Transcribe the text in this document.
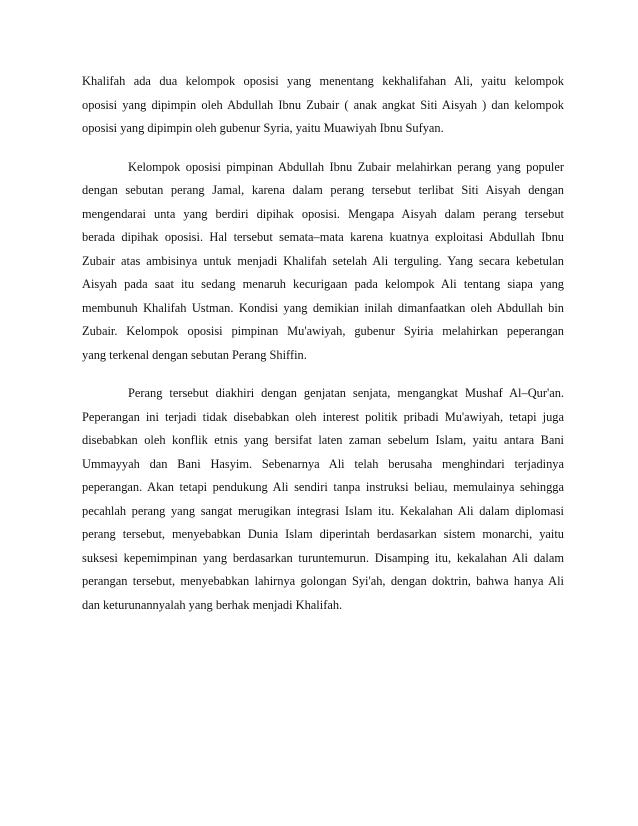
Khalifah ada dua kelompok oposisi yang menentang kekhalifahan Ali, yaitu kelompok
oposisi yang dipimpin oleh Abdullah Ibnu Zubair ( anak angkat Siti Aisyah ) dan kelompok
oposisi yang dipimpin oleh gubenur Syria, yaitu Muawiyah Ibnu Sufyan.

Kelompok oposisi pimpinan Abdullah Ibnu Zubair melahirkan perang yang populer
dengan sebutan perang Jamal, karena dalam perang tersebut terlibat Siti Aisyah dengan
mengendarai unta yang berdiri dipihak oposisi. Mengapa Aisyah dalam perang tersebut
berada dipihak oposisi. Hal tersebut semata–mata karena kuatnya exploitasi Abdullah Ibnu
Zubair atas ambisinya untuk menjadi Khalifah setelah Ali terguling. Yang secara kebetulan
Aisyah pada saat itu sedang menaruh kecurigaan pada kelompok Ali tentang siapa yang
membunuh Khalifah Ustman. Kondisi yang demikian inilah dimanfaatkan oleh Abdullah bin
Zubair. Kelompok oposisi pimpinan Mu'awiyah, gubenur Syiria melahirkan peperangan
yang terkenal dengan sebutan Perang Shiffin.

Perang tersebut diakhiri dengan genjatan senjata, mengangkat Mushaf Al–Qur'an.
Peperangan ini terjadi tidak disebabkan oleh interest politik pribadi Mu'awiyah, tetapi juga
disebabkan oleh konflik etnis yang bersifat laten zaman sebelum Islam, yaitu antara Bani
Ummayyah dan Bani Hasyim. Sebenarnya Ali telah berusaha menghindari terjadinya
peperangan. Akan tetapi pendukung Ali sendiri tanpa instruksi beliau, memulainya sehingga
pecahlah perang yang sangat merugikan integrasi Islam itu. Kekalahan Ali dalam diplomasi
perang tersebut, menyebabkan Dunia Islam diperintah berdasarkan sistem monarchi, yaitu
suksesi kepemimpinan yang berdasarkan turuntemurun. Disamping itu, kekalahan Ali dalam
perangan tersebut, menyebabkan lahirnya golongan Syi'ah, dengan doktrin, bahwa hanya Ali
dan keturunannyalah yang berhak menjadi Khalifah.
